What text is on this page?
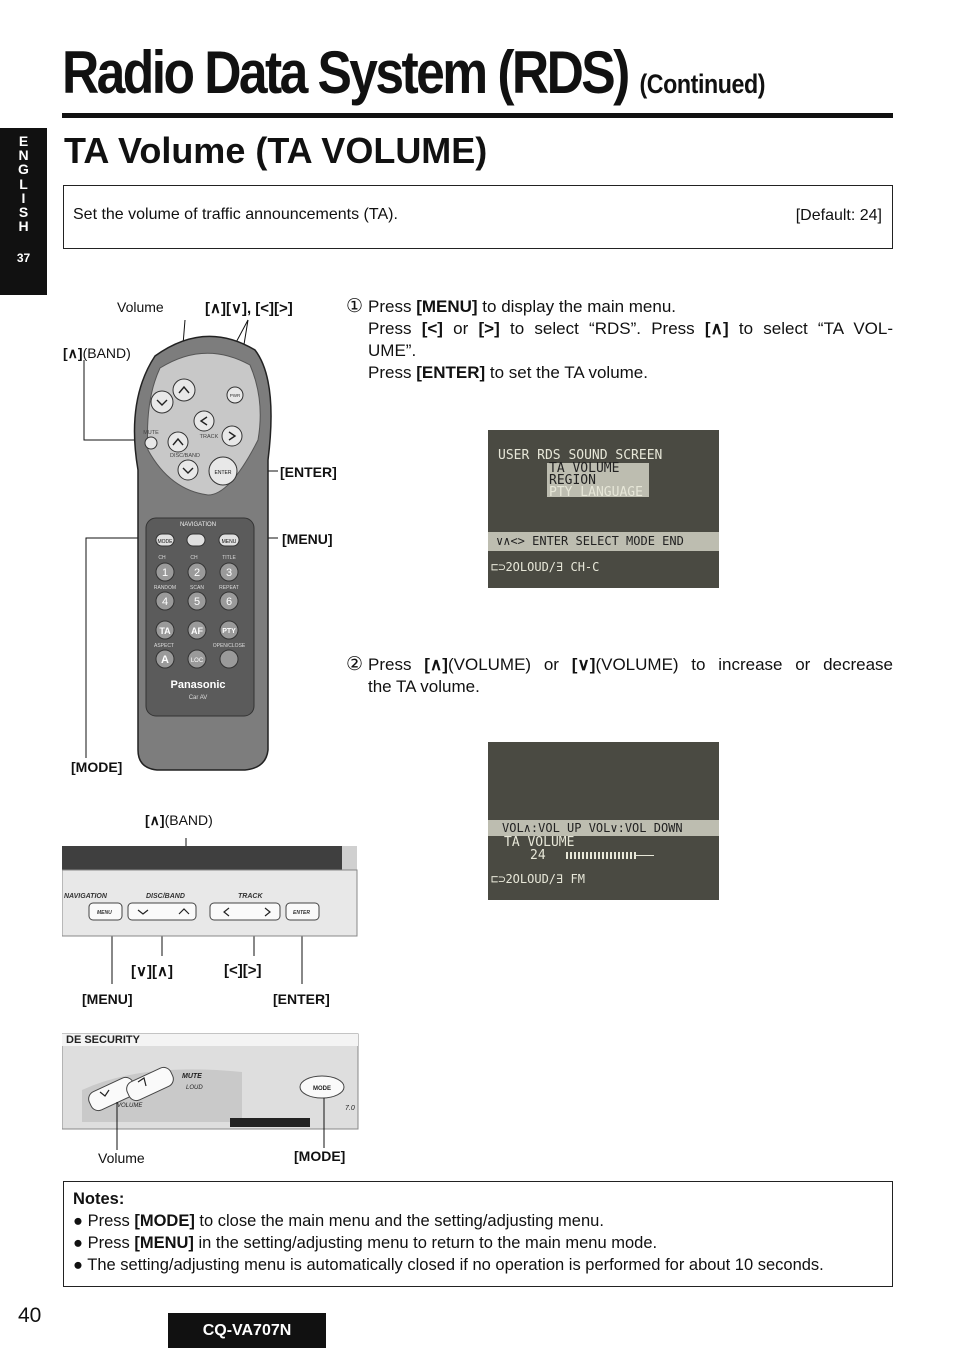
E
N
G
L
I
S
H
37
Radio Data System (RDS) (Continued)
TA Volume (TA VOLUME)
Set the volume of traffic announcements (TA).	[Default: 24]
① Press [MENU] to display the main menu.
Press [<] or [>] to select “RDS”. Press [∧] to select “TA VOL-
UME”.
Press [ENTER] to set the TA volume.
USER RDS SOUND SCREEN
TA VOLUME
REGION
PTY LANGUAGE
∨∧<> ENTER SELECT MODE END
⊏⊃2OLOUD/∃ CH-C
② Press [∧](VOLUME) or [∨](VOLUME) to increase or decrease
the TA volume.
VOL∧:VOL UP VOL∨:VOL DOWN
TA VOLUME
24
⊏⊃2OLOUD/∃ FM
NAVIGATION
MODE	MENU
ENTER
TRACK
DISC/BAND
MUTE
PWR
CH	CH	TITLE
1 2 3
RANDOM	SCAN	REPEAT
4 5 6
TA AF	PTY
ASPECT	OPEN/CLOSE
A	LOC
Panasonic
Car AV
Volume
[∧](BAND)
[∧][∨], [<][>]
[ENTER]
[MENU]
[MODE]
NAVIGATION	DISC/BAND	TRACK
MENU	ENTER
[∧](BAND)
[∨][∧]	[<][>]
[MENU]	[ENTER]
DE SECURITY
MUTE
LOUD
VOLUME
MODE
7.0
Volume	[MODE]
Notes:
● Press [MODE] to close the main menu and the setting/adjusting menu.
● Press [MENU] in the setting/adjusting menu to return to the main menu mode.
● The setting/adjusting menu is automatically closed if no operation is performed for about 10 seconds.
40
CQ-VA707N
